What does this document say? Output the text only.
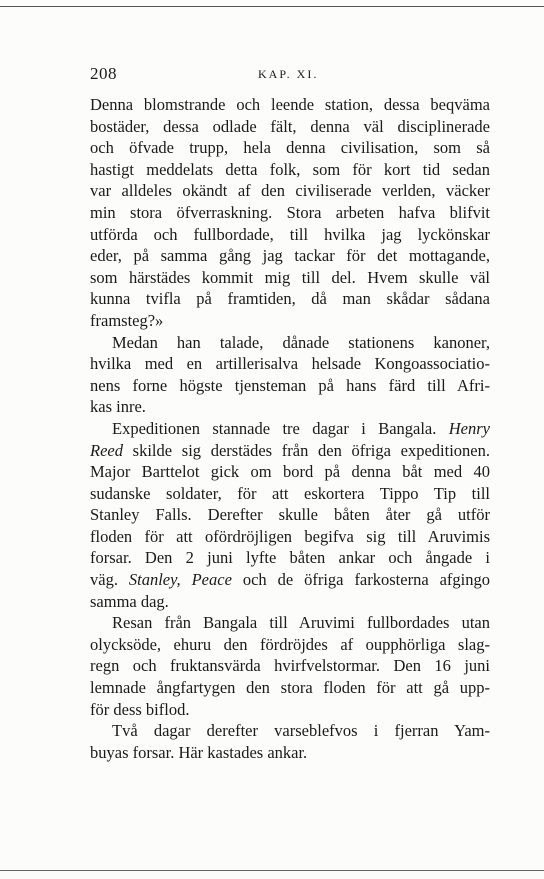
208	KAP. XI.
Denna blomstrande och leende station, dessa beqväma
bostäder, dessa odlade fält, denna väl disciplinerade
och öfvade trupp, hela denna civilisation, som så
hastigt meddelats detta folk, som för kort tid sedan
var alldeles okändt af den civiliserade verlden, väcker
min stora öfverraskning. Stora arbeten hafva blifvit
utförda och fullbordade, till hvilka jag lyckönskar
eder, på samma gång jag tackar för det mottagande,
som härstädes kommit mig till del. Hvem skulle väl
kunna tvifla på framtiden, då man skådar sådana
framsteg?»
Medan han talade, dånade stationens kanoner,
hvilka med en artillerisalva helsade Kongoassociatio-
nens forne högste tjensteman på hans färd till Afri-
kas inre.
Expeditionen stannade tre dagar i Bangala. Henry
Reed skilde sig derstädes från den öfriga expeditionen.
Major Barttelot gick om bord på denna båt med 40
sudanske soldater, för att eskortera Tippo Tip till
Stanley Falls. Derefter skulle båten åter gå utför
floden för att ofördröjligen begifva sig till Aruvimis
forsar. Den 2 juni lyfte båten ankar och ångade i
väg. Stanley, Peace och de öfriga farkosterna afgingo
samma dag.
Resan från Bangala till Aruvimi fullbordades utan
olycksöde, ehuru den fördröjdes af oupphörliga slag-
regn och fruktansvärda hvirfvelstormar. Den 16 juni
lemnade ångfartygen den stora floden för att gå upp-
för dess biflod.
Två dagar derefter varseblefvos i fjerran Yam-
buyas forsar. Här kastades ankar.
